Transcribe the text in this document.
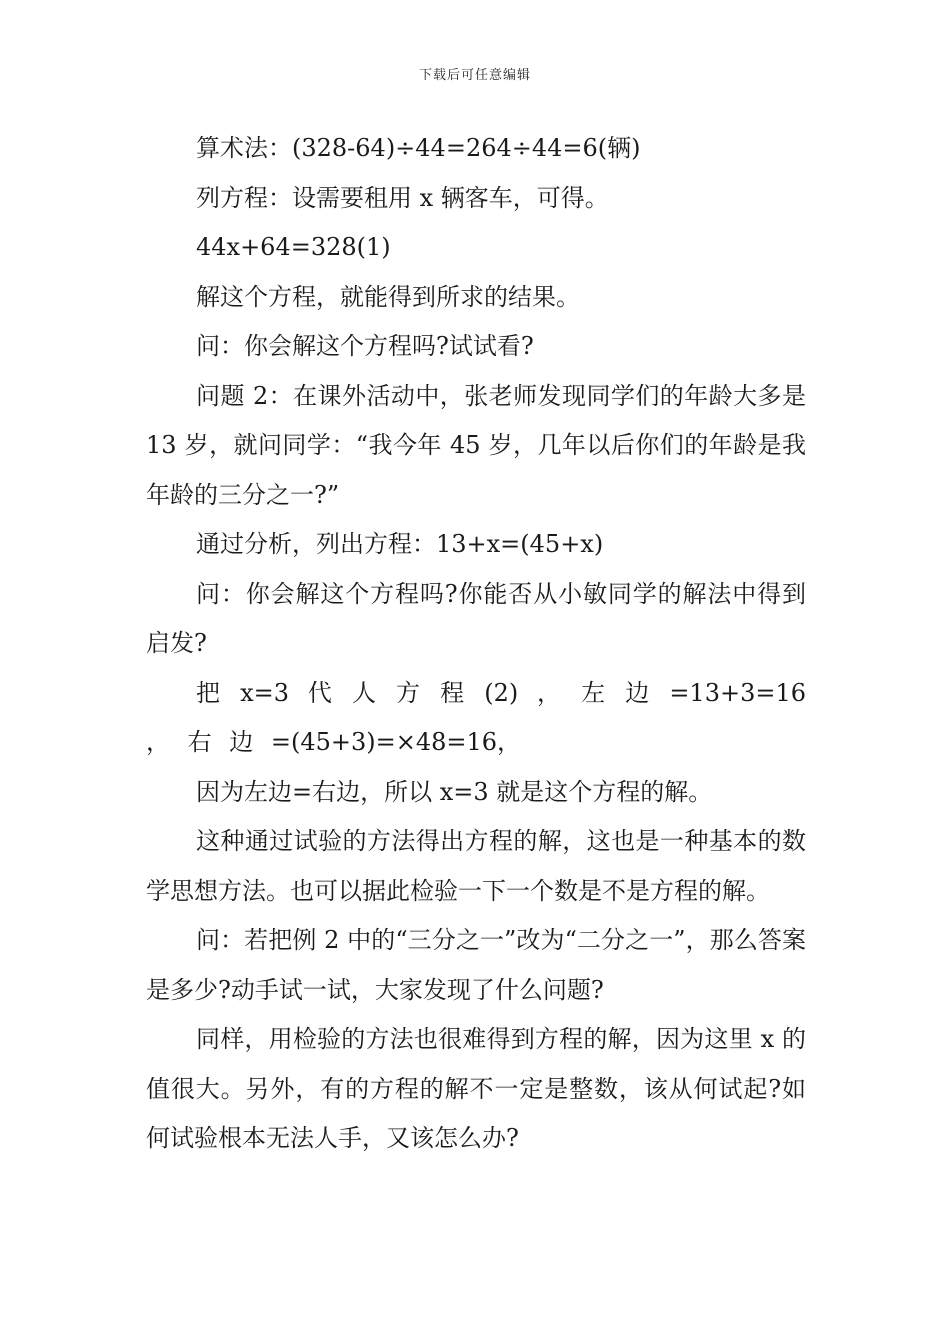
下载后可任意编辑

算术法：(328-64)÷44=264÷44=6(辆)

列方程：设需要租用 x 辆客车，可得。

44x+64=328(1)

解这个方程，就能得到所求的结果。

问：你会解这个方程吗?试试看?

问题 2：在课外活动中，张老师发现同学们的年龄大多是 13 岁，就问同学：“我今年 45 岁，几年以后你们的年龄是我年龄的三分之一?”

通过分析，列出方程：13+x=(45+x)

问：你会解这个方程吗?你能否从小敏同学的解法中得到启发?

把 x=3 代 人 方 程 (2) ， 左 边 =13+3=16 ， 右 边 =(45+3)=×48=16，

因为左边=右边，所以 x=3 就是这个方程的解。

这种通过试验的方法得出方程的解，这也是一种基本的数学思想方法。也可以据此检验一下一个数是不是方程的解。

问：若把例 2 中的“三分之一”改为“二分之一”，那么答案是多少?动手试一试，大家发现了什么问题?

同样，用检验的方法也很难得到方程的解，因为这里 x 的值很大。另外，有的方程的解不一定是整数，该从何试起?如何试验根本无法人手，又该怎么办?
